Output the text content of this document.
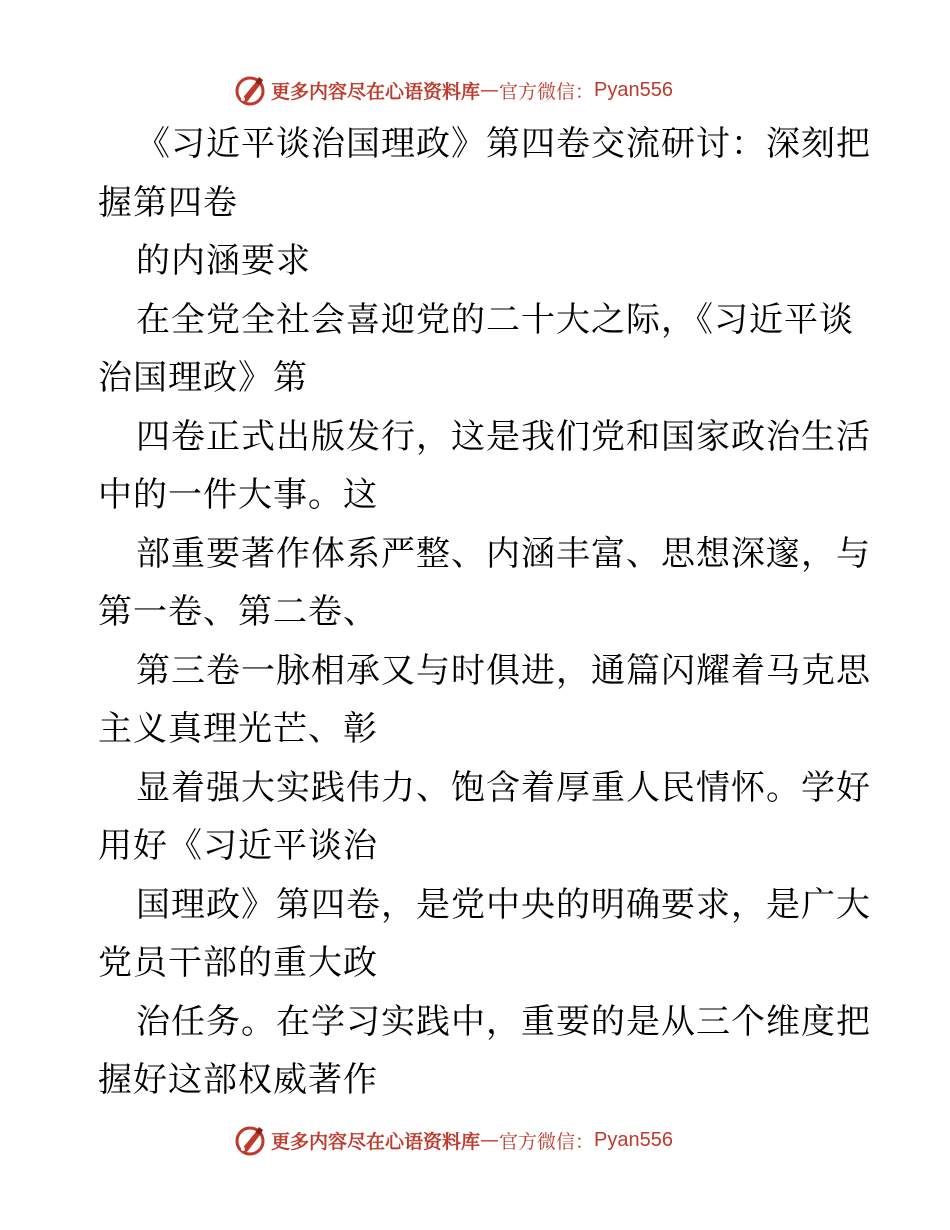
更多内容尽在心语资料库 — 官方微信： Pyan556
《习近平谈治国理政》第四卷交流研讨：深刻把
握第四卷
的内涵要求
在全党全社会喜迎党的二十大之际，《习近平谈
治国理政》第
四卷正式出版发行，这是我们党和国家政治生活
中的一件大事。这
部重要著作体系严整、内涵丰富、思想深邃，与
第一卷、第二卷、
第三卷一脉相承又与时俱进，通篇闪耀着马克思
主义真理光芒、彰
显着强大实践伟力、饱含着厚重人民情怀。学好
用好《习近平谈治
国理政》第四卷，是党中央的明确要求，是广大
党员干部的重大政
治任务。在学习实践中，重要的是从三个维度把
握好这部权威著作
更多内容尽在心语资料库 — 官方微信： Pyan556
